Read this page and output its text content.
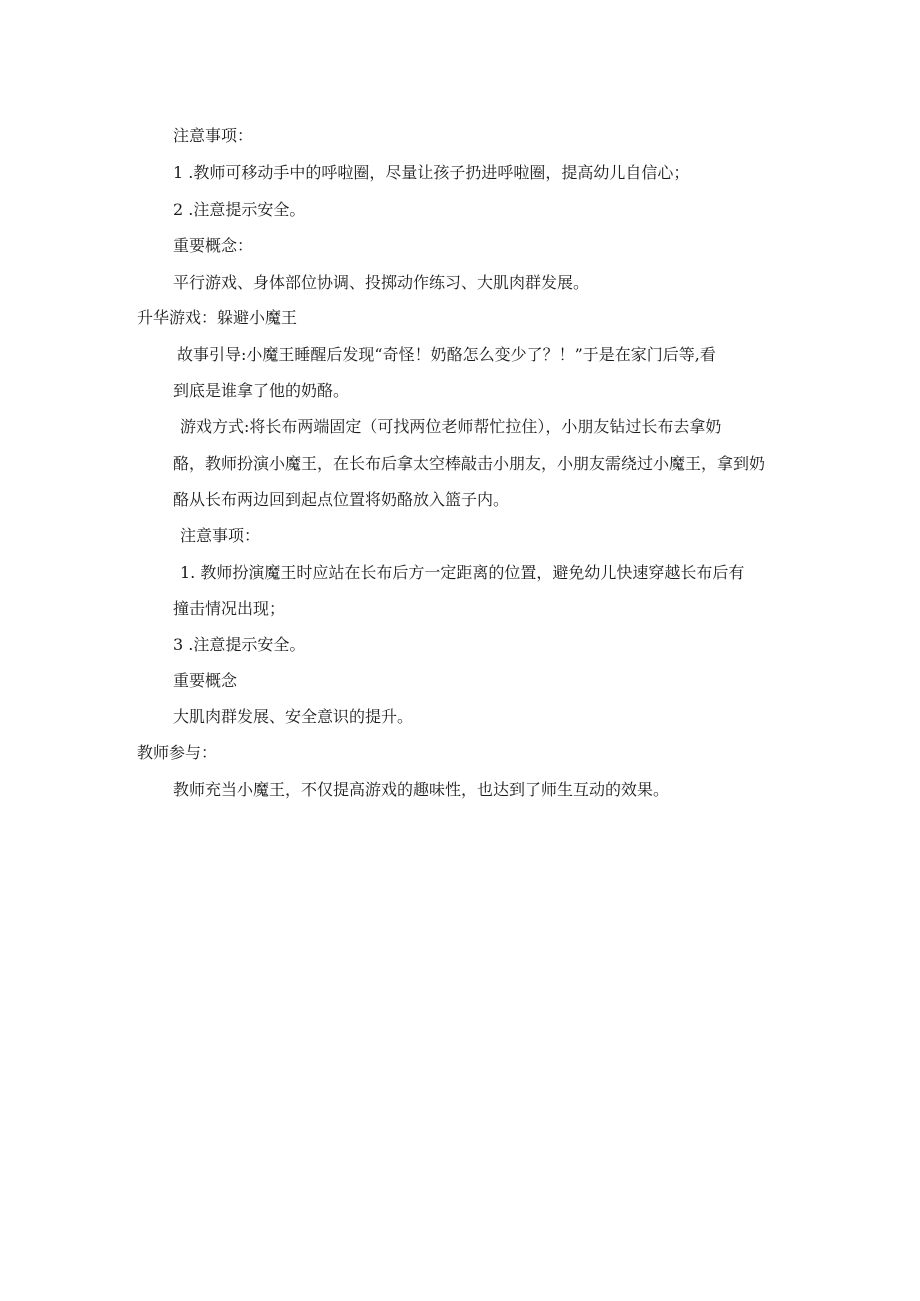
注意事项：
1 .教师可移动手中的呼啦圈，尽量让孩子扔进呼啦圈，提高幼儿自信心；
2 .注意提示安全。
重要概念：
平行游戏、身体部位协调、投掷动作练习、大肌肉群发展。
升华游戏：躲避小魔王
故事引导:小魔王睡醒后发现“奇怪！奶酪怎么变少了？！”于是在家门后等,看
到底是谁拿了他的奶酪。
游戏方式:将长布两端固定（可找两位老师帮忙拉住），小朋友钻过长布去拿奶
酪，教师扮演小魔王，在长布后拿太空棒敲击小朋友，小朋友需绕过小魔王，拿到奶
酪从长布两边回到起点位置将奶酪放入篮子内。
注意事项：
1. 教师扮演魔王时应站在长布后方一定距离的位置，避免幼儿快速穿越长布后有
撞击情况出现；
3 .注意提示安全。
重要概念
大肌肉群发展、安全意识的提升。
教师参与：
教师充当小魔王，不仅提高游戏的趣味性，也达到了师生互动的效果。
